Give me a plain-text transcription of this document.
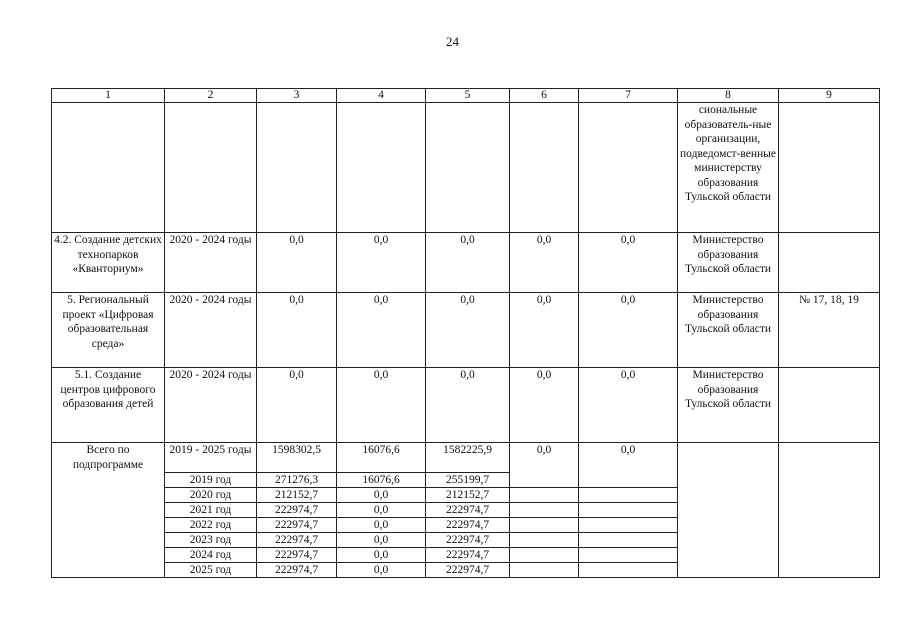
24
1	2	3	4	5	6	7	8	9
							сиональные образователь-ные организации, подведомст-венные министерству образования Тульской области	
4.2. Создание детских технопарков «Кванториум»	2020 - 2024 годы	0,0	0,0	0,0	0,0	0,0	Министерство образования Тульской области	
5. Региональный проект «Цифровая образовательная среда»	2020 - 2024 годы	0,0	0,0	0,0	0,0	0,0	Министерство образования Тульской области	№ 17, 18, 19
5.1. Создание центров цифрового образования детей	2020 - 2024 годы	0,0	0,0	0,0	0,0	0,0	Министерство образования Тульской области	
Всего по подпрограмме	2019 - 2025 годы	1598302,5	16076,6	1582225,9	0,0	0,0		
	2019 год	271276,3	16076,6	255199,7				
	2020 год	212152,7	0,0	212152,7				
	2021 год	222974,7	0,0	222974,7				
	2022 год	222974,7	0,0	222974,7				
	2023 год	222974,7	0,0	222974,7				
	2024 год	222974,7	0,0	222974,7				
	2025 год	222974,7	0,0	222974,7				
